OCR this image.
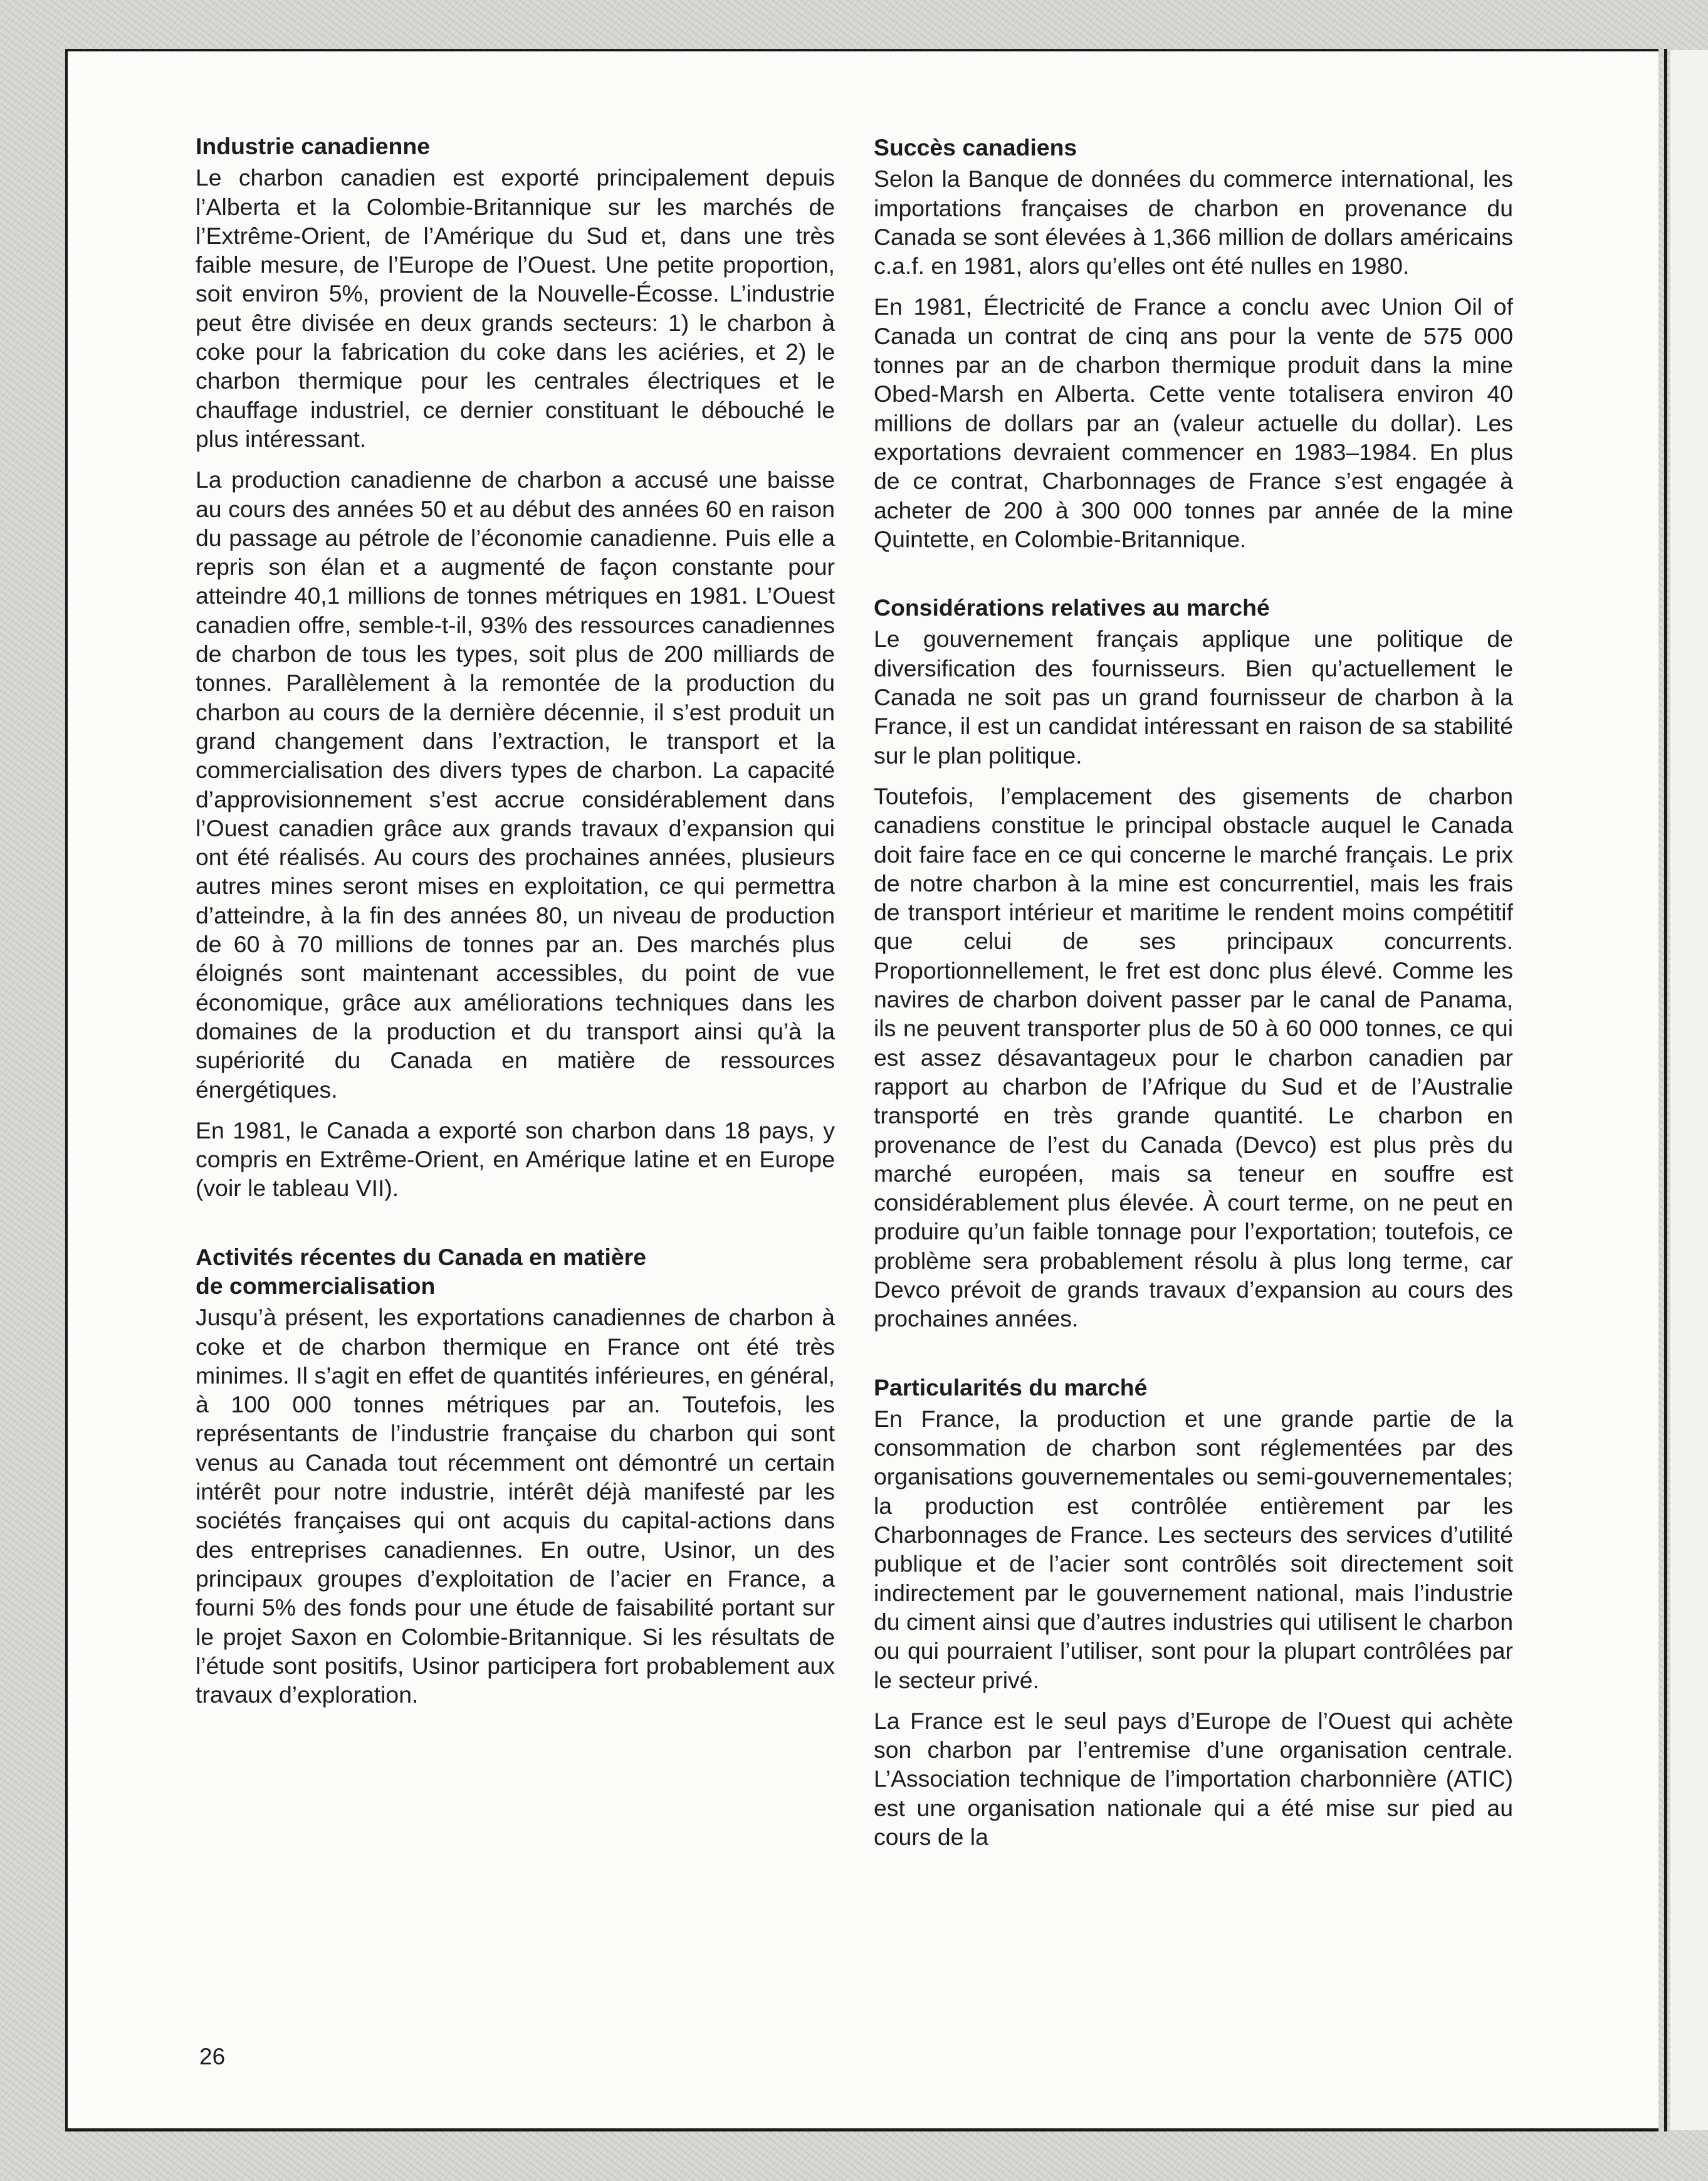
Industrie canadienne

Le charbon canadien est exporté principalement depuis l’Alberta et la Colombie-Britannique sur les marchés de l’Extrême-Orient, de l’Amérique du Sud et, dans une très faible mesure, de l’Europe de l’Ouest. Une petite proportion, soit environ 5%, provient de la Nouvelle-Écosse. L’industrie peut être divisée en deux grands secteurs: 1) le charbon à coke pour la fabrication du coke dans les aciéries, et 2) le charbon thermique pour les centrales électriques et le chauffage industriel, ce dernier constituant le débouché le plus intéressant.

La production canadienne de charbon a accusé une baisse au cours des années 50 et au début des années 60 en raison du passage au pétrole de l’économie canadienne. Puis elle a repris son élan et a augmenté de façon constante pour atteindre 40,1 millions de tonnes métriques en 1981. L’Ouest canadien offre, semble-t-il, 93% des ressources canadiennes de charbon de tous les types, soit plus de 200 milliards de tonnes. Parallèlement à la remontée de la production du charbon au cours de la dernière décennie, il s’est produit un grand changement dans l’extraction, le transport et la commercialisation des divers types de charbon. La capacité d’approvisionnement s’est accrue considérablement dans l’Ouest canadien grâce aux grands travaux d’expansion qui ont été réalisés. Au cours des prochaines années, plusieurs autres mines seront mises en exploitation, ce qui permettra d’atteindre, à la fin des années 80, un niveau de production de 60 à 70 millions de tonnes par an. Des marchés plus éloignés sont maintenant accessibles, du point de vue économique, grâce aux améliorations techniques dans les domaines de la production et du transport ainsi qu’à la supériorité du Canada en matière de ressources énergétiques.

En 1981, le Canada a exporté son charbon dans 18 pays, y compris en Extrême-Orient, en Amérique latine et en Europe (voir le tableau VII).

Activités récentes du Canada en matière
de commercialisation

Jusqu’à présent, les exportations canadiennes de charbon à coke et de charbon thermique en France ont été très minimes. Il s’agit en effet de quantités inférieures, en général, à 100 000 tonnes métriques par an. Toutefois, les représentants de l’industrie française du charbon qui sont venus au Canada tout récemment ont démontré un certain intérêt pour notre industrie, intérêt déjà manifesté par les sociétés françaises qui ont acquis du capital-actions dans des entreprises canadiennes. En outre, Usinor, un des principaux groupes d’exploitation de l’acier en France, a fourni 5% des fonds pour une étude de faisabilité portant sur le projet Saxon en Colombie-Britannique. Si les résultats de l’étude sont positifs, Usinor participera fort probablement aux travaux d’exploration.

Succès canadiens

Selon la Banque de données du commerce international, les importations françaises de charbon en provenance du Canada se sont élevées à 1,366 million de dollars américains c.a.f. en 1981, alors qu’elles ont été nulles en 1980.

En 1981, Électricité de France a conclu avec Union Oil of Canada un contrat de cinq ans pour la vente de 575 000 tonnes par an de charbon thermique produit dans la mine Obed-Marsh en Alberta. Cette vente totalisera environ 40 millions de dollars par an (valeur actuelle du dollar). Les exportations devraient commencer en 1983–1984. En plus de ce contrat, Charbonnages de France s’est engagée à acheter de 200 à 300 000 tonnes par année de la mine Quintette, en Colombie-Britannique.

Considérations relatives au marché

Le gouvernement français applique une politique de diversification des fournisseurs. Bien qu’actuellement le Canada ne soit pas un grand fournisseur de charbon à la France, il est un candidat intéressant en raison de sa stabilité sur le plan politique.

Toutefois, l’emplacement des gisements de charbon canadiens constitue le principal obstacle auquel le Canada doit faire face en ce qui concerne le marché français. Le prix de notre charbon à la mine est concurrentiel, mais les frais de transport intérieur et maritime le rendent moins compétitif que celui de ses principaux concurrents. Proportionnellement, le fret est donc plus élevé. Comme les navires de charbon doivent passer par le canal de Panama, ils ne peuvent transporter plus de 50 à 60 000 tonnes, ce qui est assez désavantageux pour le charbon canadien par rapport au charbon de l’Afrique du Sud et de l’Australie transporté en très grande quantité. Le charbon en provenance de l’est du Canada (Devco) est plus près du marché européen, mais sa teneur en souffre est considérablement plus élevée. À court terme, on ne peut en produire qu’un faible tonnage pour l’exportation; toutefois, ce problème sera probablement résolu à plus long terme, car Devco prévoit de grands travaux d’expansion au cours des prochaines années.

Particularités du marché

En France, la production et une grande partie de la consommation de charbon sont réglementées par des organisations gouvernementales ou semi-gouvernementales; la production est contrôlée entièrement par les Charbonnages de France. Les secteurs des services d’utilité publique et de l’acier sont contrôlés soit directement soit indirectement par le gouvernement national, mais l’industrie du ciment ainsi que d’autres industries qui utilisent le charbon ou qui pourraient l’utiliser, sont pour la plupart contrôlées par le secteur privé.

La France est le seul pays d’Europe de l’Ouest qui achète son charbon par l’entremise d’une organisation centrale. L’Association technique de l’importation charbonnière (ATIC) est une organisation nationale qui a été mise sur pied au cours de la

26
